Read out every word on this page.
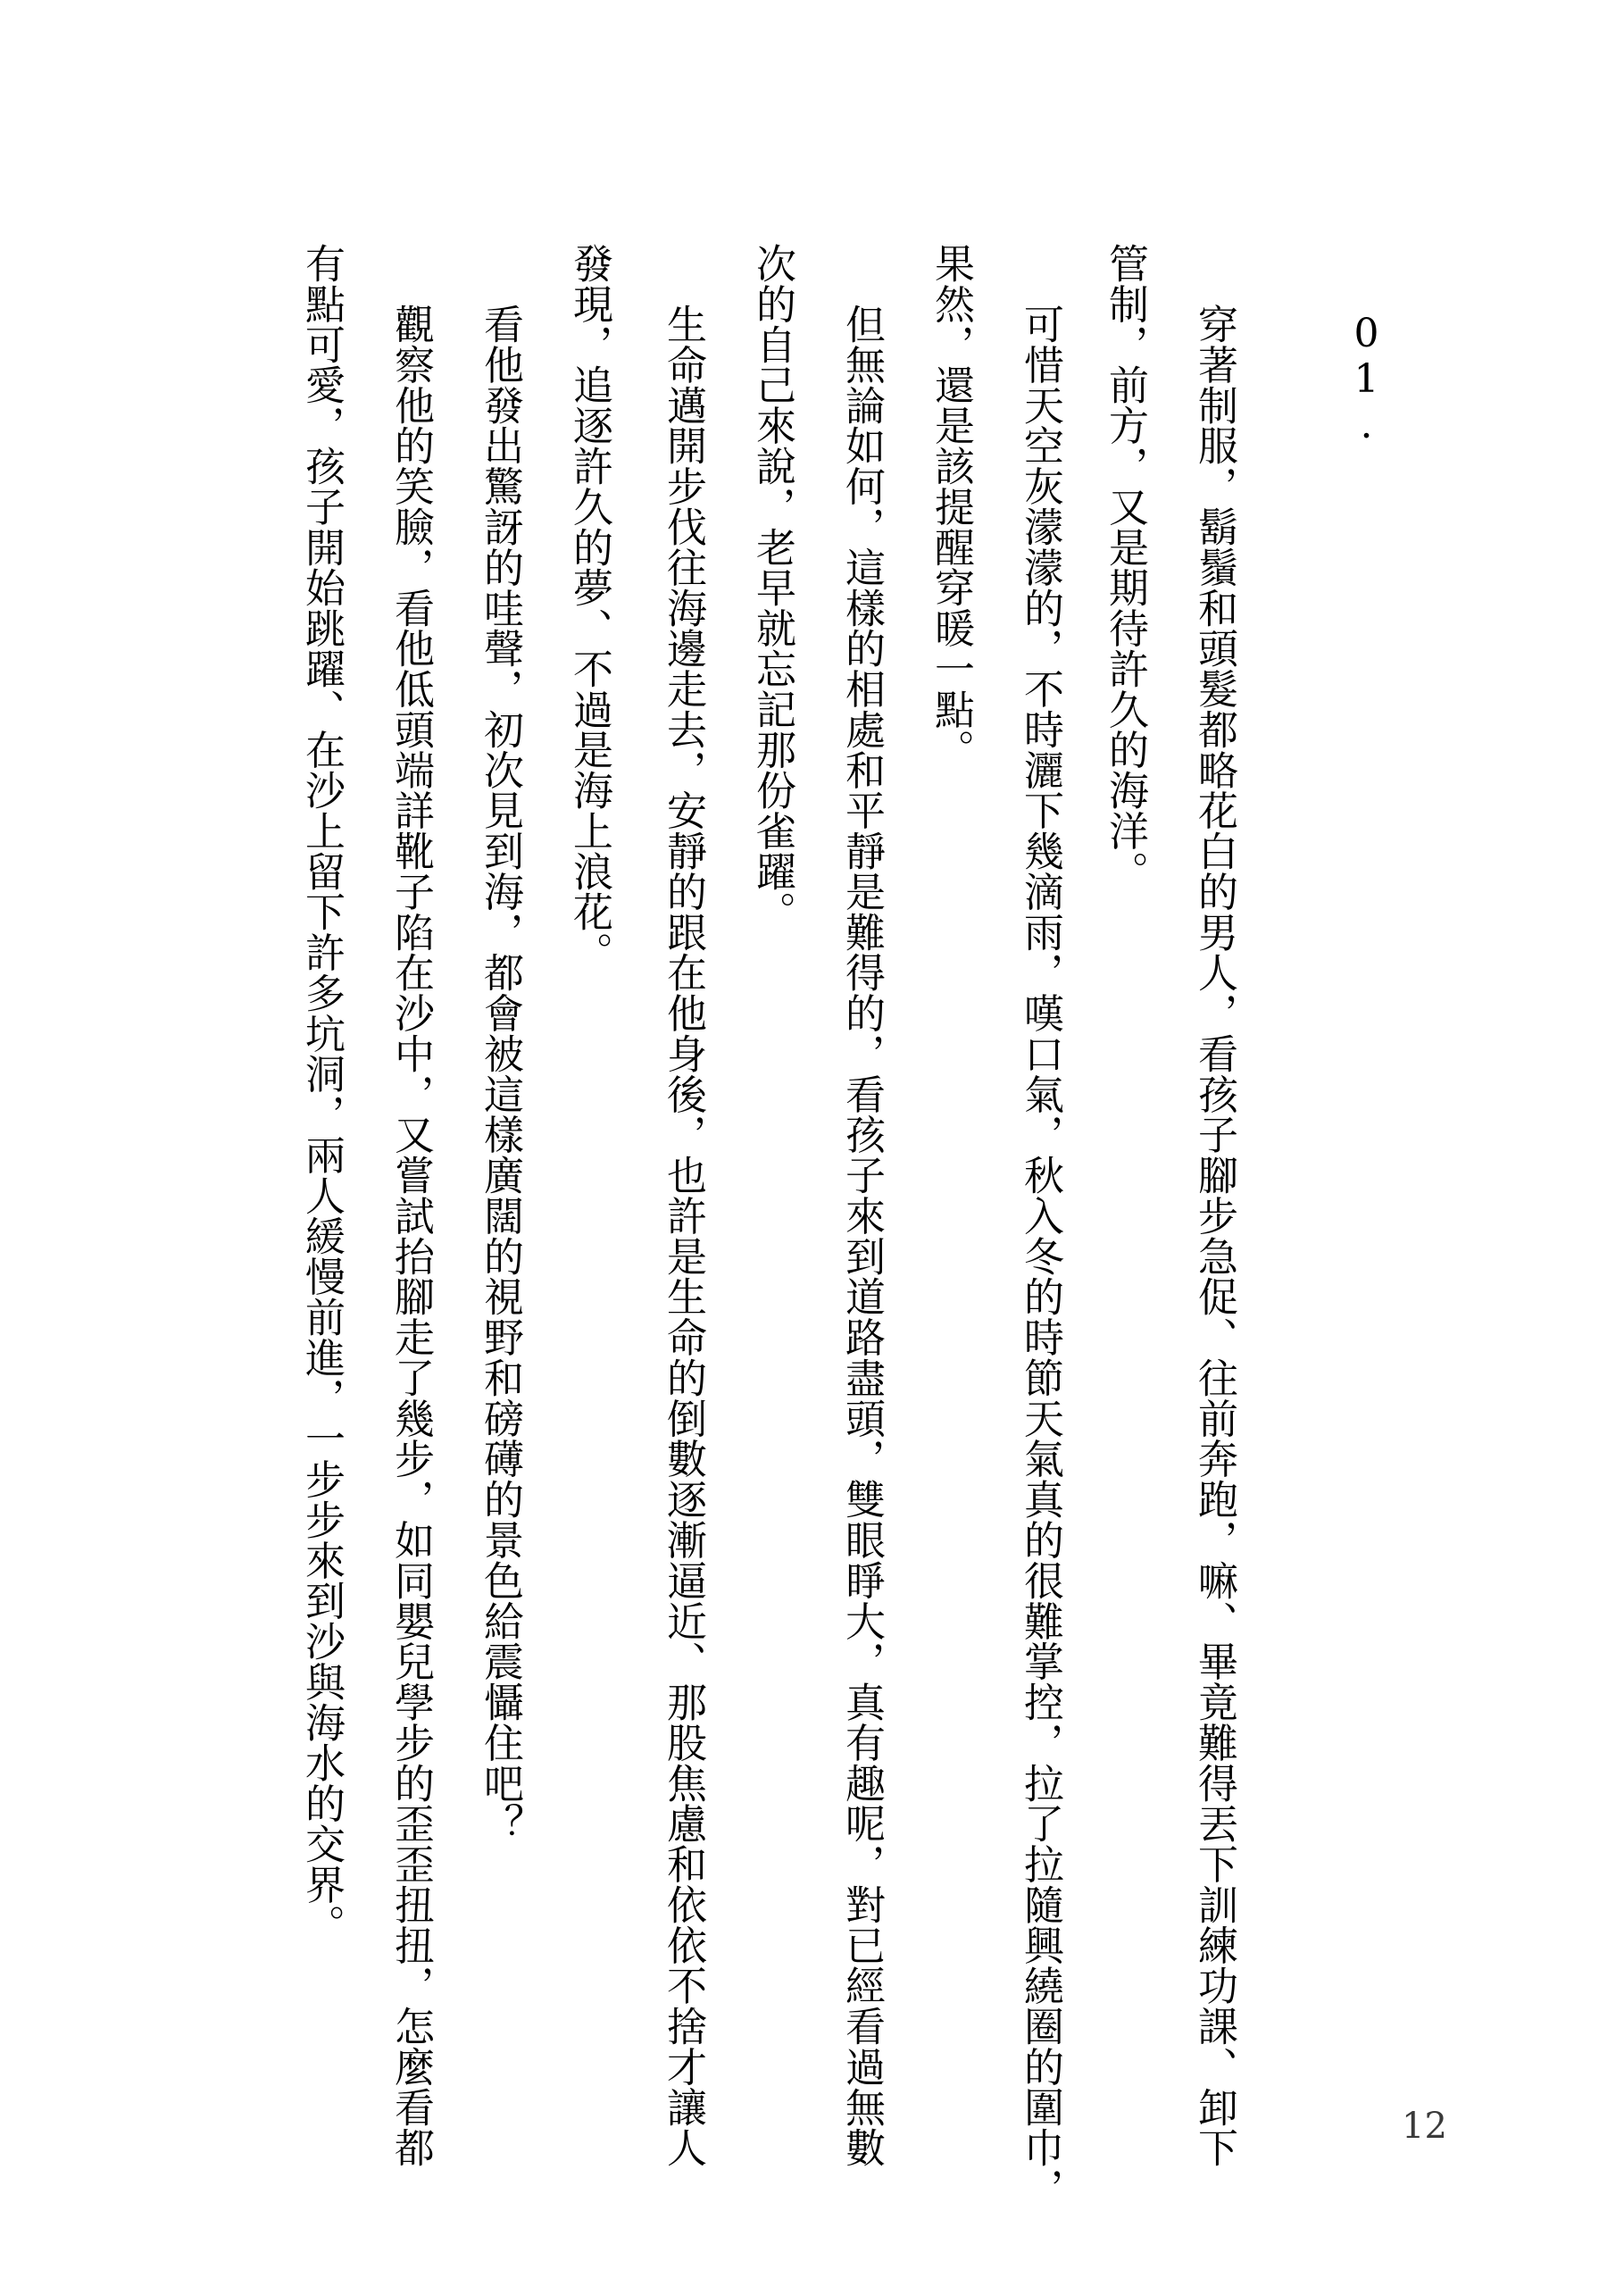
01.
穿著制服，鬍鬚和頭髮都略花白的男人，看孩子腳步急促、往前奔跑，嘛、畢竟難得丟下訓練功課、卸下
管制，前方，又是期待許久的海洋。
可惜天空灰濛濛的，不時灑下幾滴雨，嘆口氣，秋入冬的時節天氣真的很難掌控，拉了拉隨興繞圈的圍巾，
果然，還是該提醒穿暖一點。
但無論如何，這樣的相處和平靜是難得的，看孩子來到道路盡頭，雙眼睜大，真有趣呢，對已經看過無數
次的自己來說，老早就忘記那份雀躍。
生命邁開步伐往海邊走去，安靜的跟在他身後，也許是生命的倒數逐漸逼近、那股焦慮和依依不捨才讓人
發現，追逐許久的夢、不過是海上浪花。
看他發出驚訝的哇聲，初次見到海，都會被這樣廣闊的視野和磅礡的景色給震懾住吧？
觀察他的笑臉，看他低頭端詳靴子陷在沙中，又嘗試抬腳走了幾步，如同嬰兒學步的歪歪扭扭，怎麼看都
有點可愛，孩子開始跳躍、在沙上留下許多坑洞，兩人緩慢前進，一步步來到沙與海水的交界。
12
